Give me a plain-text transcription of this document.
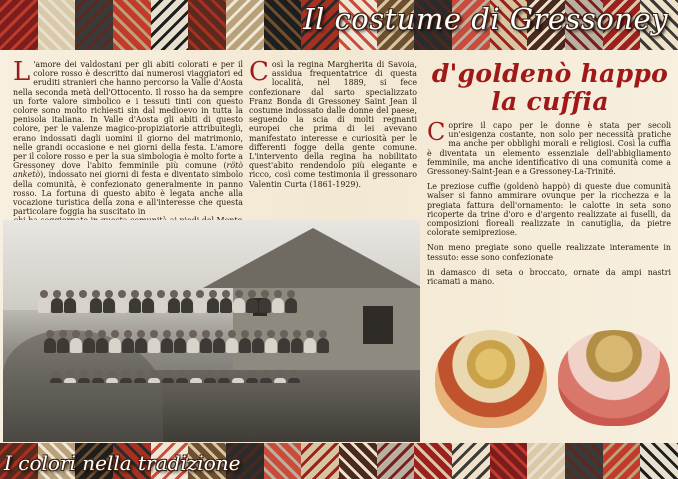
Il costume di Gressoney
L 'amore dei valdostani per gli abiti colorati e per il colore rosso è descritto dai numerosi viaggiatori ed eruditi stranieri che hanno percorso la Valle d'Aosta nella seconda metà dell'Ottocento. Il rosso ha da sempre un forte valore simbolico e i tessuti tinti con questo colore sono molto richiesti sin dal medioevo in tutta la penisola italiana. In Valle d'Aosta gli abiti di questo colore, per le valenze magico-propiziatorie attribuitegli, erano indossati dagli uomini il giorno del matrimonio, nelle grandi occasione e nei giorni della festa. L'amore per il colore rosso e per la sua simbologia è molto forte a Gressoney dove l'abito femminile più comune (rötò ankeṫò), indossato nei giorni di festa e diventato simbolo della comunità, è confezionato generalmente in panno rosso. La fortuna di questo abito è legata anche alla vocazione turistica della zona e all'interesse che questa particolare foggia ha suscitato in

C osì la regina Margherita di Savoia, assidua frequentatrice di questa località, nel 1889, si fece confezionare dal sarto specializzato Franz Bonda di Gressoney Saint Jean il costume indossato dalle donne del paese, seguendo la scia di molti regnanti europei che prima di lei avevano manifestato interesse e curiosità per le differenti fogge della gente comune. L'intervento della regina ha nobilitato quest'abito rendendolo più elegante e ricco, così come testimonia il gressonaro Valentin Curta (1861-1929).
d'goldenò happo
la cuffia

Coprire il capo per le donne è stata per secoli un'esigenza costante, non solo per necessità pratiche ma anche per obblighi morali e religiosi. Così la cuffia è diventata un elemento essenziale dell'abbigliamento femminile, ma anche identificativo di una comunità come a Gressoney-Saint-Jean e a Gressoney-La-Trinité.

Le preziose cuffie (goldenò happò) di queste due comunità walser si fanno ammirare ovunque per la ricchezza e la pregiata fattura dell'ornamento: le calotte in seta sono ricoperte da trine d'oro e d'argento realizzate ai fuselli, da composizioni floreali realizzate in canutiglia, da pietre colorate semipreziose.

Non meno pregiate sono quelle realizzate interamente in tessuto: esse sono confezionate

in damasco di seta o broccato, ornate da ampi nastri ricamati a mano.

I colori nella tradizione
